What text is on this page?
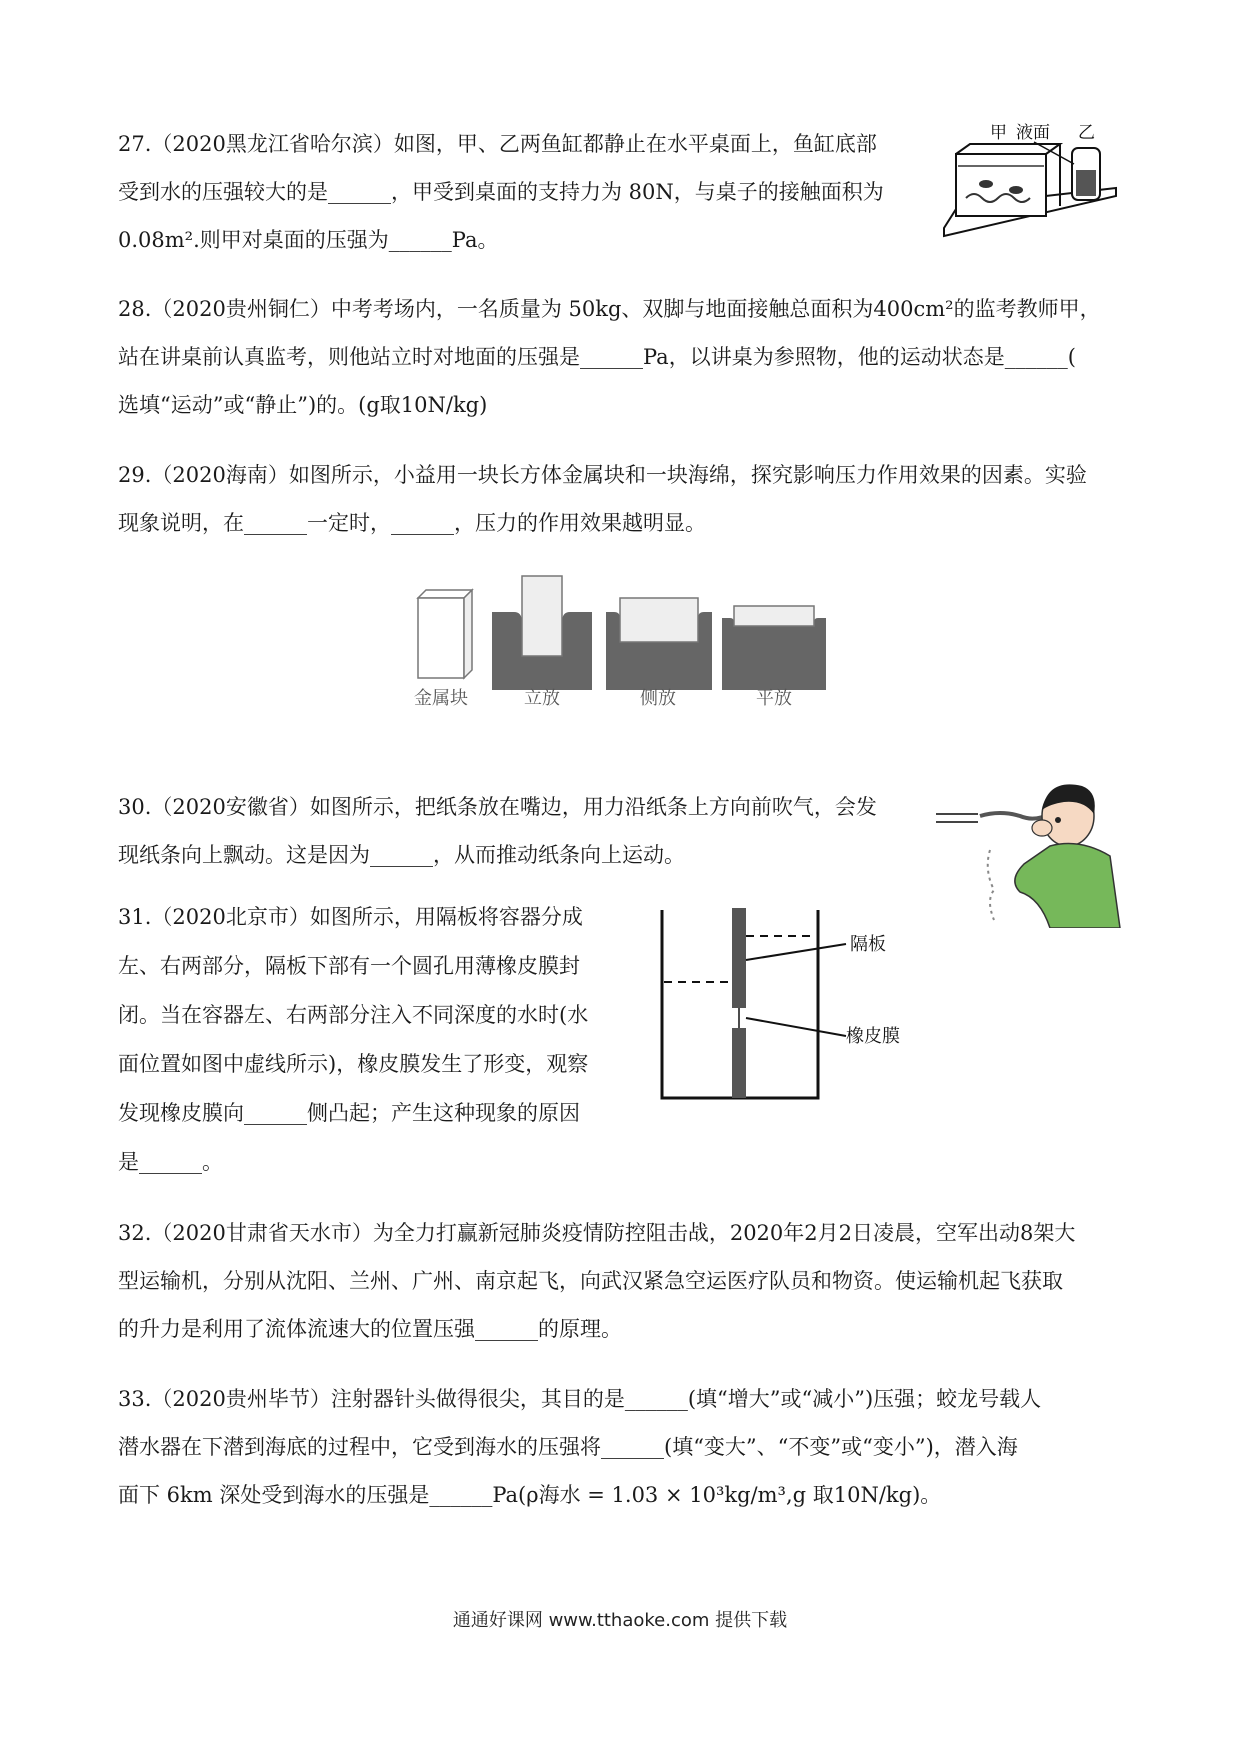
27.（2020黑龙江省哈尔滨）如图，甲、乙两鱼缸都静止在水平桌面上，鱼缸底部
受到水的压强较大的是______，甲受到桌面的支持力为 80N，与桌子的接触面积为
0.08m².则甲对桌面的压强为______Pa。
甲 液面 乙
28.（2020贵州铜仁）中考考场内，一名质量为 50kg、双脚与地面接触总面积为400cm²的监考教师甲，
站在讲桌前认真监考，则他站立时对地面的压强是______Pa，以讲桌为参照物，他的运动状态是______(
选填“运动”或“静止”)的。(g取10N/kg)
29.（2020海南）如图所示，小益用一块长方体金属块和一块海绵，探究影响压力作用效果的因素。实验
现象说明，在______一定时，______，压力的作用效果越明显。
金属块	立放	侧放	平放
30.（2020安徽省）如图所示，把纸条放在嘴边，用力沿纸条上方向前吹气，会发
现纸条向上飘动。这是因为______，从而推动纸条向上运动。
31.（2020北京市）如图所示，用隔板将容器分成
左、右两部分，隔板下部有一个圆孔用薄橡皮膜封
闭。当在容器左、右两部分注入不同深度的水时(水
面位置如图中虚线所示)，橡皮膜发生了形变，观察
发现橡皮膜向______侧凸起；产生这种现象的原因
是______。
隔板
橡皮膜
32.（2020甘肃省天水市）为全力打赢新冠肺炎疫情防控阻击战，2020年2月2日凌晨，空军出动8架大
型运输机，分别从沈阳、兰州、广州、南京起飞，向武汉紧急空运医疗队员和物资。使运输机起飞获取
的升力是利用了流体流速大的位置压强______的原理。
33.（2020贵州毕节）注射器针头做得很尖，其目的是______(填“增大”或“减小”)压强；蛟龙号载人
潜水器在下潜到海底的过程中，它受到海水的压强将______(填“变大”、“不变”或“变小”)，潜入海
面下 6km 深处受到海水的压强是______Pa(ρ海水 = 1.03 × 10³kg/m³,g 取10N/kg)。
通通好课网 www.tthaoke.com 提供下载
